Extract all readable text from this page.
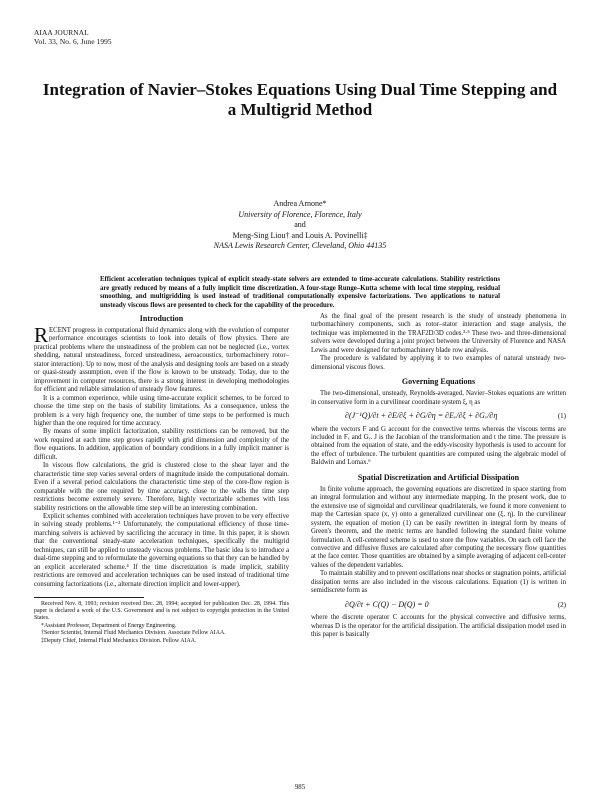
AIAA JOURNAL
Vol. 33, No. 6, June 1995
Integration of Navier–Stokes Equations Using Dual Time Stepping and a Multigrid Method
Andrea Arnone*
University of Florence, Florence, Italy
and
Meng-Sing Liou† and Louis A. Povinelli‡
NASA Lewis Research Center, Cleveland, Ohio 44135
Efficient acceleration techniques typical of explicit steady-state solvers are extended to time-accurate calculations. Stability restrictions are greatly reduced by means of a fully implicit time discretization. A four-stage Runge–Kutta scheme with local time stepping, residual smoothing, and multigridding is used instead of traditional computationally expensive factorizations. Two applications to natural unsteady viscous flows are presented to check for the capability of the procedure.
Introduction

RECENT progress in computational fluid dynamics along with the evolution of computer performance encourages scientists to look into details of flow physics. There are practical problems where the unsteadiness of the problem can not be neglected (i.e., vortex shedding, natural unsteadiness, forced unsteadiness, aeroacoustics, turbomachinery rotor–stator interaction). Up to now, most of the analysis and designing tools are based on a steady or quasi-steady assumption, even if the flow is known to be unsteady. Today, due to the improvement in computer resources, there is a strong interest in developing methodologies for efficient and reliable simulation of unsteady flow features.

It is a common experience, while using time-accurate explicit schemes, to be forced to choose the time step on the basis of stability limitations. As a consequence, unless the problem is a very high frequency one, the number of time steps to be performed is much higher than the one required for time accuracy.

By means of some implicit factorization, stability restrictions can be removed, but the work required at each time step grows rapidly with grid dimension and complexity of the flow equations. In addition, application of boundary conditions in a fully implicit manner is difficult.

In viscous flow calculations, the grid is clustered close to the shear layer and the characteristic time step varies several orders of magnitude inside the computational domain. Even if a several period calculations the characteristic time step of the core-flow region is comparable with the one required by time accuracy, close to the walls the time step restrictions become extremely severe. Therefore, highly vectorizable schemes with less stability restrictions on the allowable time step will be an interesting combination.

Explicit schemes combined with acceleration techniques have proven to be very effective in solving steady problems.¹⁻³ Unfortunately, the computational efficiency of those time-marching solvers is achieved by sacrificing the accuracy in time. In this paper, it is shown that the conventional steady-state acceleration techniques, specifically the multigrid techniques, can still be applied to unsteady viscous problems. The basic idea is to introduce a dual-time stepping and to reformulate the governing equations so that they can be handled by an explicit accelerated scheme.⁴ If the time discretization is made implicit, stability restrictions are removed and acceleration techniques can be used instead of traditional time consuming factorizations (i.e., alternate direction implicit and lower-upper).

Received Nov. 8, 1993; revision received Dec. 28, 1994; accepted for publication Dec. 28, 1994. This paper is declared a work of the U.S. Government and is not subject to copyright protection in the United States.

*Assistant Professor, Department of Energy Engineering.

†Senior Scientist, Internal Fluid Mechanics Division. Associate Fellow AIAA.

‡Deputy Chief, Internal Fluid Mechanics Division. Fellow AIAA.

As the final goal of the present research is the study of unsteady phenomena in turbomachinery components, such as rotor–stator interaction and stage analysis, the technique was implemented in the TRAF2D/3D codes.³·⁵ These two- and three-dimensional solvers were developed during a joint project between the University of Florence and NASA Lewis and were designed for turbomachinery blade row analysis.

The procedure is validated by applying it to two examples of natural unsteady two-dimensional viscous flows.

Governing Equations

The two-dimensional, unsteady, Reynolds-averaged, Navier–Stokes equations are written in conservative form in a curvilinear coordinate system ξ, η as

∂(J⁻¹Q)/∂t + ∂E/∂ξ + ∂G/∂η = ∂Eᵥ/∂ξ + ∂Gᵥ/∂η	(1)

where the vectors F and G account for the convective terms whereas the viscous terms are included in Fᵥ and Gᵥ. J is the Jacobian of the transformation and t the time. The pressure is obtained from the equation of state, and the eddy-viscosity hypothesis is used to account for the effect of turbulence. The turbulent quantities are computed using the algebraic model of Baldwin and Lomax.⁶

Spatial Discretization and Artificial Dissipation

In finite volume approach, the governing equations are discretized in space starting from an integral formulation and without any intermediate mapping. In the present work, due to the extensive use of sigmoidal and curvilinear quadrilaterals, we found it more convenient to map the Cartesian space (x, y) onto a generalized curvilinear one (ξ, η). In the curvilinear system, the equation of motion (1) can be easily rewritten in integral form by means of Green's theorem, and the metric terms are handled following the standard finite volume formulation. A cell-centered scheme is used to store the flow variables. On each cell face the convective and diffusive fluxes are calculated after computing the necessary flow quantities at the face center. Those quantities are obtained by a simple averaging of adjacent cell-center values of the dependent variables.

To maintain stability and to prevent oscillations near shocks or stagnation points, artificial dissipation terms are also included in the viscous calculations. Equation (1) is written in semidiscrete form as

∂Q/∂t + C(Q) − D(Q) = 0	(2)

where the discrete operator C accounts for the physical convective and diffusive terms, whereas D is the operator for the artificial dissipation. The artificial dissipation model used in this paper is basically

985
